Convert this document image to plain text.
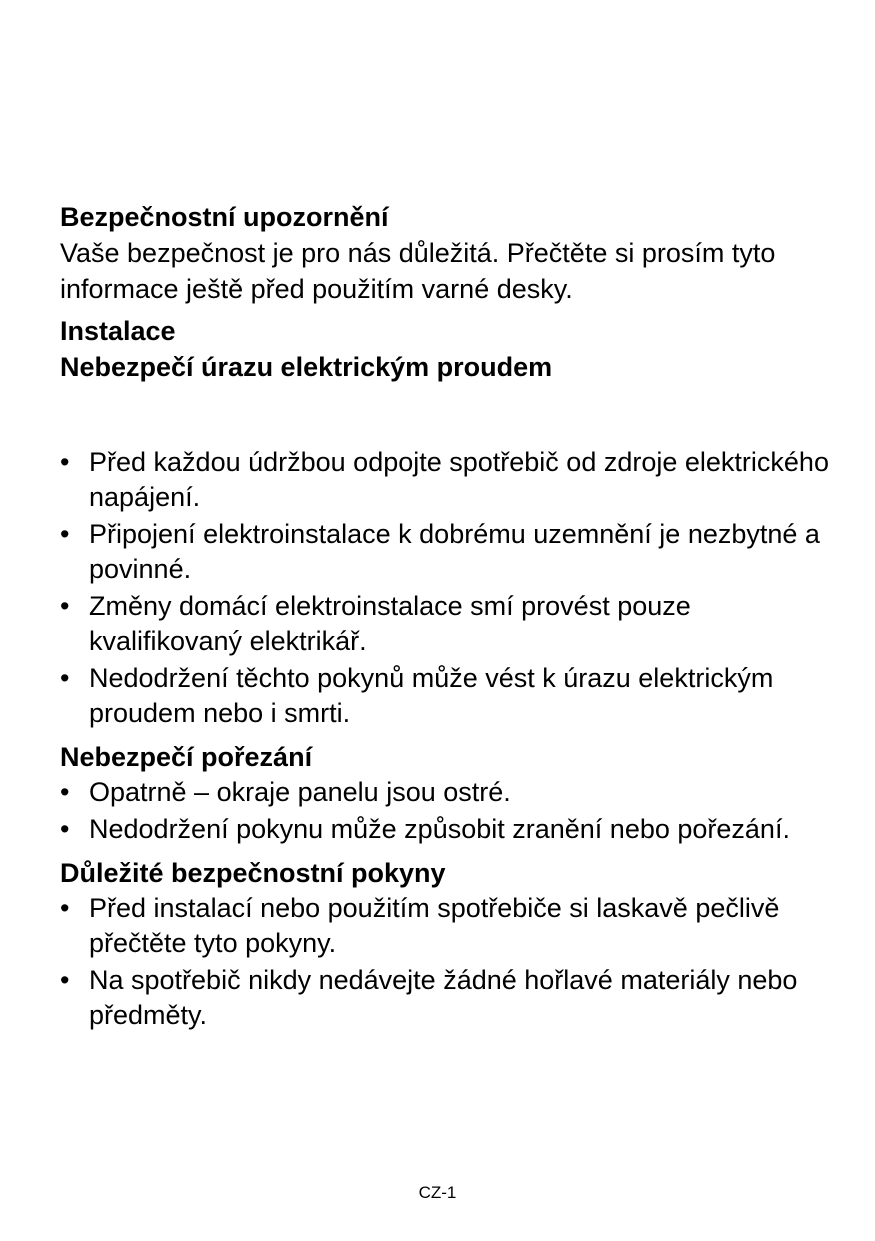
Bezpečnostní upozornění

Vaše bezpečnost je pro nás důležitá. Přečtěte si prosím tyto informace ještě před použitím varné desky.

Instalace

Nebezpečí úrazu elektrickým proudem

• Před každou údržbou odpojte spotřebič od zdroje elektrického napájení.
• Připojení elektroinstalace k dobrému uzemnění je nezbytné a povinné.
• Změny domácí elektroinstalace smí provést pouze kvalifikovaný elektrikář.
• Nedodržení těchto pokynů může vést k úrazu elektrickým proudem nebo i smrti.

Nebezpečí pořezání

• Opatrně – okraje panelu jsou ostré.
• Nedodržení pokynu může způsobit zranění nebo pořezání.

Důležité bezpečnostní pokyny

• Před instalací nebo použitím spotřebiče si laskavě pečlivě přečtěte tyto pokyny.
• Na spotřebič nikdy nedávejte žádné hořlavé materiály nebo předměty.
CZ-1
